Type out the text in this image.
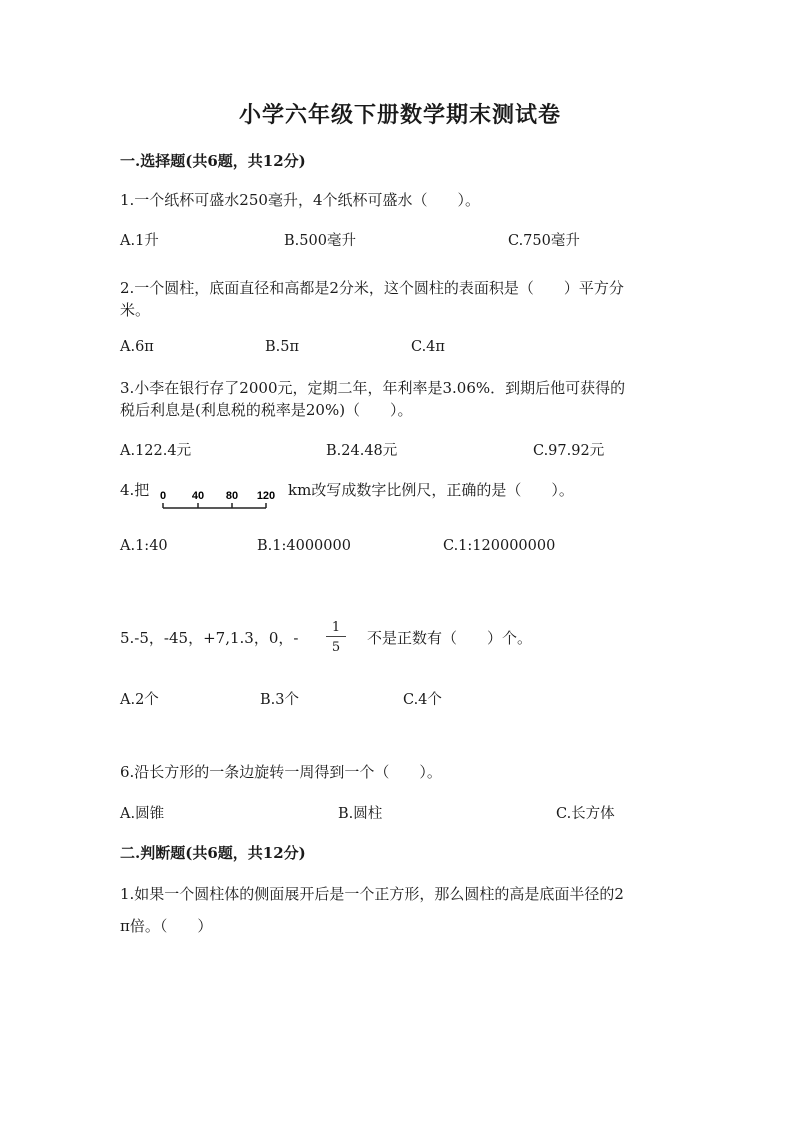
小学六年级下册数学期末测试卷
一.选择题(共6题，共12分)
1.一个纸杯可盛水250毫升，4个纸杯可盛水（　　）。
A.1升	B.500毫升	C.750毫升
2.一个圆柱，底面直径和高都是2分米，这个圆柱的表面积是（　　）平方分
米。
A.6π	B.5π	C.4π
3.小李在银行存了2000元，定期二年，年利率是3.06%．到期后他可获得的
税后利息是(利息税的税率是20%)（　　）。
A.122.4元	B.24.48元	C.97.92元
4.把 0 40 80 120 km改写成数字比例尺，正确的是（　　）。
A.1:40	B.1:4000000	C.1:120000000
5.-5，-45，+7,1.3，0，- $\frac{1}{5}$ 不是正数有（　　）个。
A.2个	B.3个	C.4个
6.沿长方形的一条边旋转一周得到一个（　　）。
A.圆锥	B.圆柱	C.长方体
二.判断题(共6题，共12分)
1.如果一个圆柱体的侧面展开后是一个正方形，那么圆柱的高是底面半径的2
π倍。（　　）
